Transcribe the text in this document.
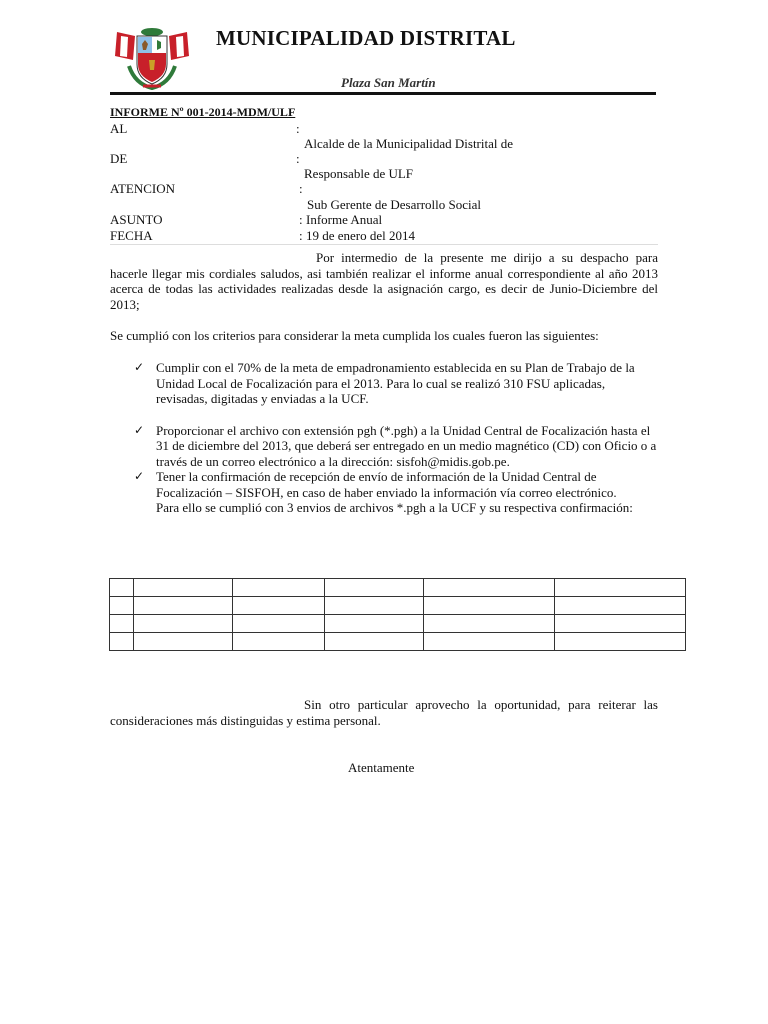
MUNICIPALIDAD DISTRITAL
Plaza San Martín
INFORME Nº 001-2014-MDM/ULF
AL	:
Alcalde de la Municipalidad Distrital de
DE	:
Responsable de ULF
ATENCION	:
Sub Gerente de Desarrollo Social
ASUNTO	: Informe Anual
FECHA	: 19 de enero del 2014
Por intermedio de la presente me dirijo a su despacho para hacerle llegar mis cordiales saludos, asi también realizar el informe anual correspondiente al año 2013 acerca de todas las actividades realizadas desde la asignación cargo, es decir de Junio-Diciembre del 2013;
Se cumplió con los criterios para considerar la meta cumplida los cuales fueron las siguientes:
✓ Cumplir con el 70% de la meta de empadronamiento establecida en su Plan de Trabajo de la Unidad Local de Focalización para el 2013. Para lo cual se realizó 310 FSU aplicadas, revisadas, digitadas y enviadas a la UCF.
✓ Proporcionar el archivo con extensión pgh (*.pgh) a la Unidad Central de Focalización hasta el 31 de diciembre del 2013, que deberá ser entregado en un medio magnético (CD) con Oficio o a través de un correo electrónico a la dirección: sisfoh@midis.gob.pe.
✓ Tener la confirmación de recepción de envío de información de la Unidad Central de Focalización – SISFOH, en caso de haber enviado la información vía correo electrónico.
Para ello se cumplió con 3 envios de archivos *.pgh a la UCF y su respectiva confirmación:

Sin otro particular aprovecho la oportunidad, para reiterar las consideraciones más distinguidas y estima personal.
Atentamente
